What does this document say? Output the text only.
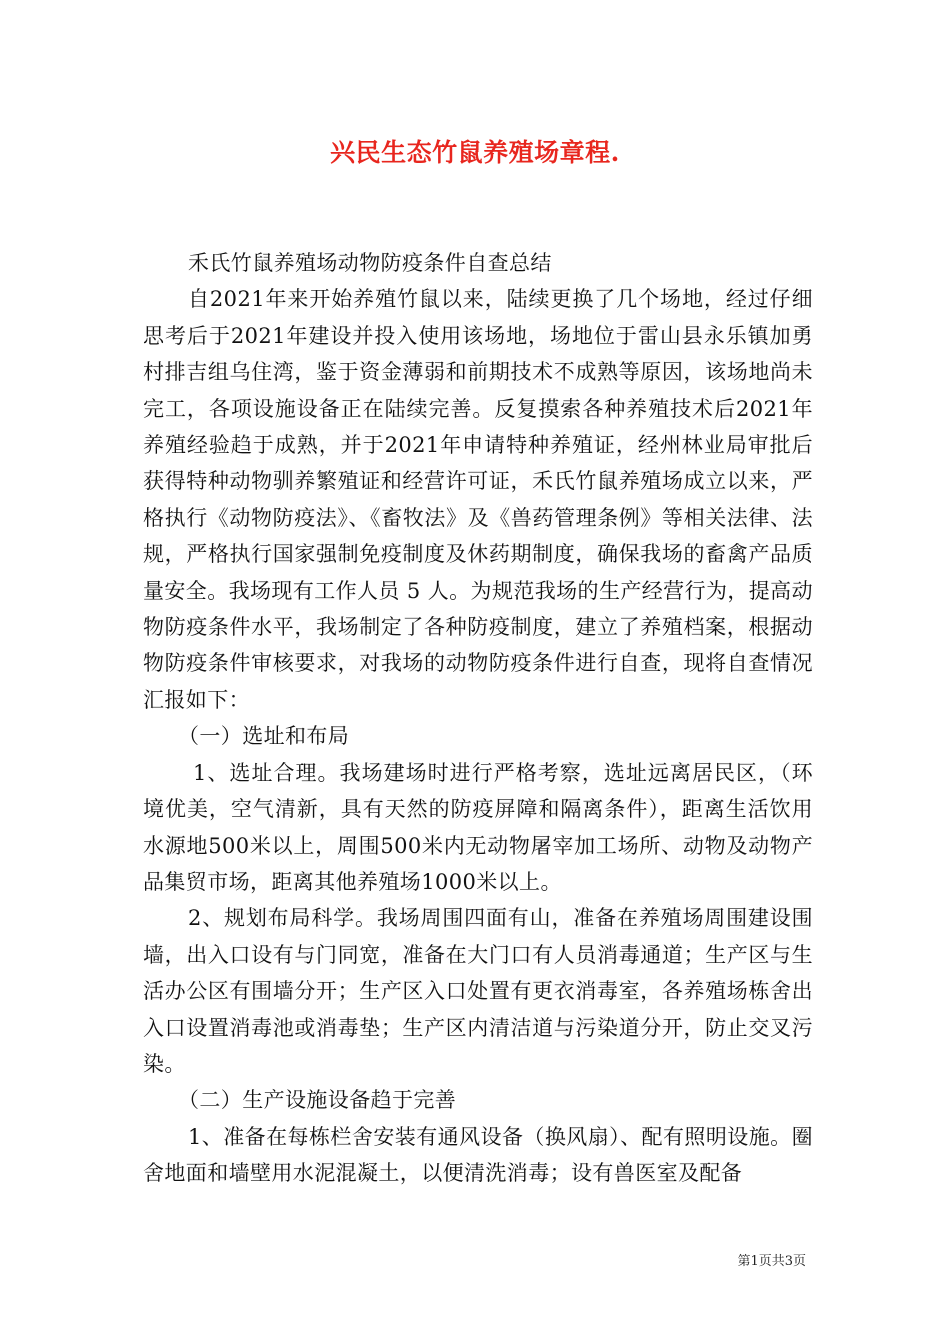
兴民生态竹鼠养殖场章程.

禾氏竹鼠养殖场动物防疫条件自查总结

自2021年来开始养殖竹鼠以来，陆续更换了几个场地，经过仔细思考后于2021年建设并投入使用该场地，场地位于雷山县永乐镇加勇村排吉组乌住湾，鉴于资金薄弱和前期技术不成熟等原因，该场地尚未完工，各项设施设备正在陆续完善。反复摸索各种养殖技术后2021年养殖经验趋于成熟，并于2021年申请特种养殖证，经州林业局审批后获得特种动物驯养繁殖证和经营许可证，禾氏竹鼠养殖场成立以来，严格执行《动物防疫法》、《畜牧法》及《兽药管理条例》等相关法律、法规，严格执行国家强制免疫制度及休药期制度，确保我场的畜禽产品质量安全。我场现有工作人员 5 人。为规范我场的生产经营行为，提高动物防疫条件水平，我场制定了各种防疫制度，建立了养殖档案，根据动物防疫条件审核要求，对我场的动物防疫条件进行自查，现将自查情况汇报如下：

（一）选址和布局

1、选址合理。我场建场时进行严格考察，选址远离居民区，（环境优美，空气清新，具有天然的防疫屏障和隔离条件），距离生活饮用水源地500米以上，周围500米内无动物屠宰加工场所、动物及动物产品集贸市场，距离其他养殖场1000米以上。

2、规划布局科学。我场周围四面有山，准备在养殖场周围建设围墙，出入口设有与门同宽，准备在大门口有人员消毒通道；生产区与生活办公区有围墙分开；生产区入口处置有更衣消毒室，各养殖场栋舍出入口设置消毒池或消毒垫；生产区内清洁道与污染道分开，防止交叉污染。

（二）生产设施设备趋于完善

1、准备在每栋栏舍安装有通风设备（换风扇）、配有照明设施。圈舍地面和墙壁用水泥混凝土，以便清洗消毒；设有兽医室及配备

第1页共3页
